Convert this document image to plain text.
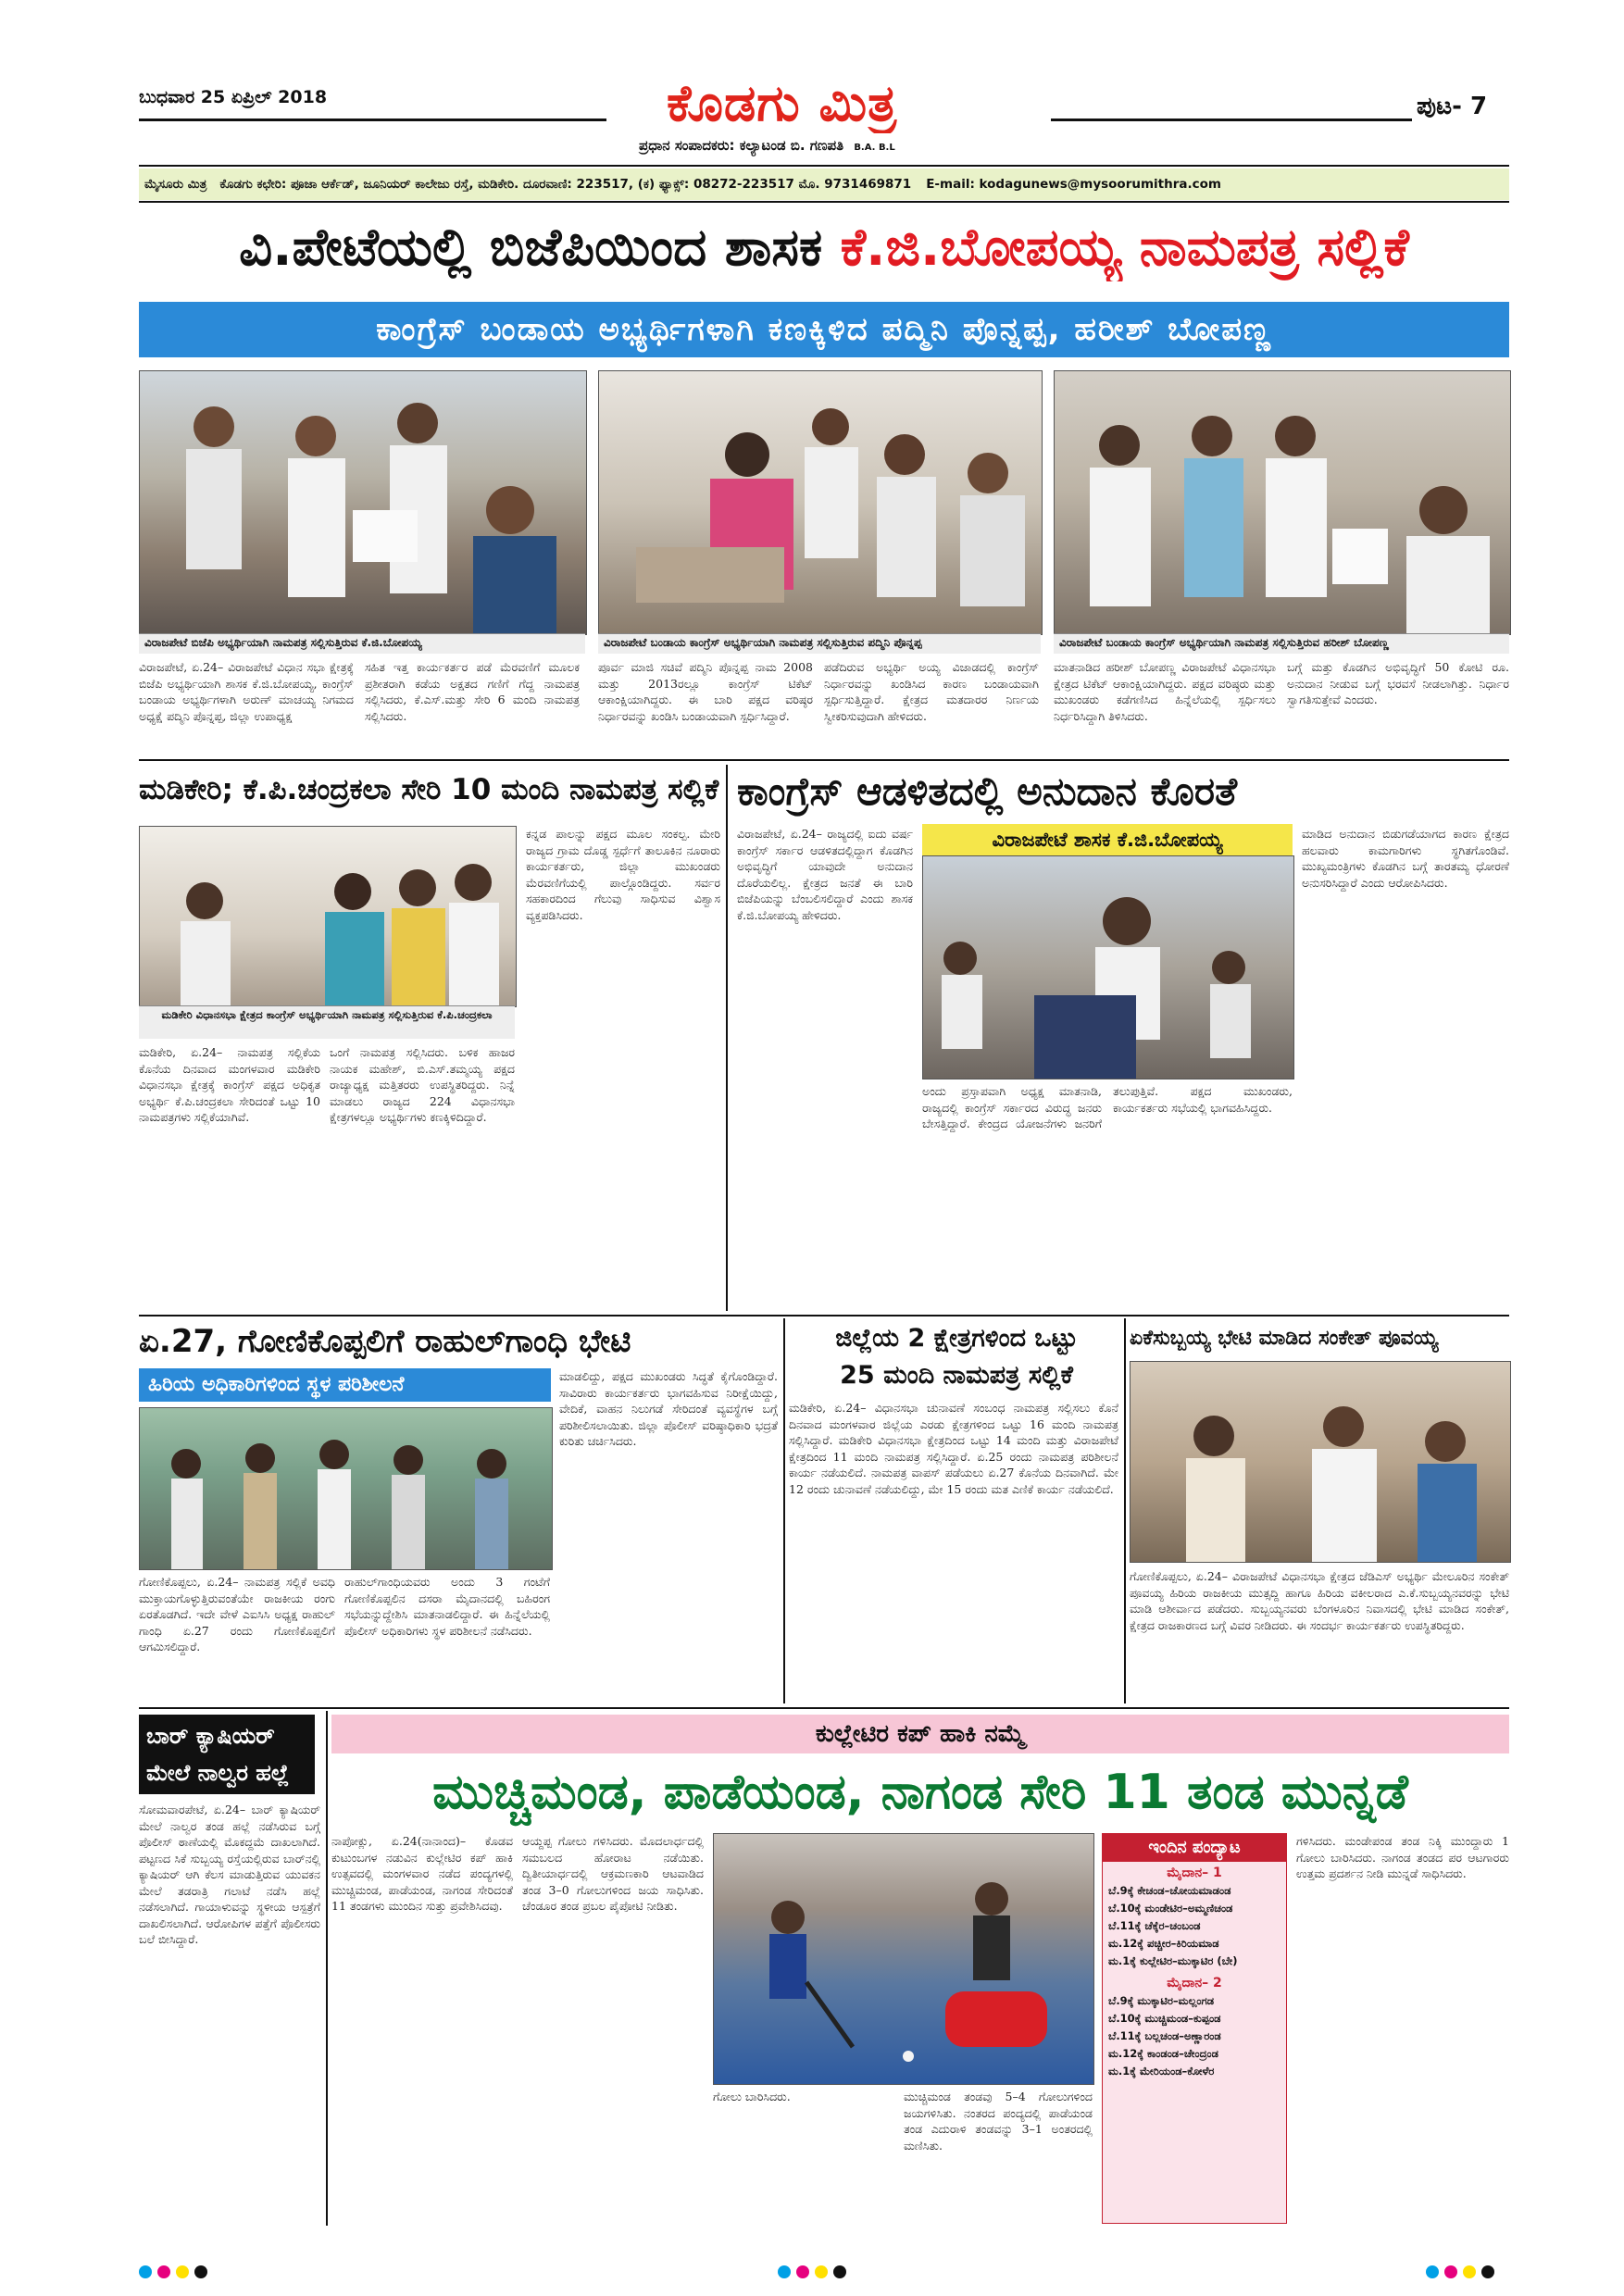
ಬುಧವಾರ 25 ಏಪ್ರಿಲ್ 2018	ಕೊಡಗು ಮಿತ್ರ	ಪುಟ- 7
ಪ್ರಧಾನ ಸಂಪಾದಕರು: ಕಲ್ಯಾಟಂಡ ಬಿ. ಗಣಪತಿ B.A. B.L
ಮೈಸೂರು ಮಿತ್ರ ಕೊಡಗು ಕಛೇರಿ: ಪೂಜಾ ಆರ್ಕೆಡ್, ಜೂನಿಯರ್ ಕಾಲೇಜು ರಸ್ತೆ, ಮಡಿಕೇರಿ. ದೂರವಾಣಿ: 223517, (ಕ) ಫ್ಯಾಕ್ಸ್: 08272-223517 ಮೊ. 9731469871 E-mail: kodagunews@mysoorumithra.com
ವಿ.ಪೇಟೆಯಲ್ಲಿ ಬಿಜೆಪಿಯಿಂದ ಶಾಸಕ ಕೆ.ಜಿ.ಬೋಪಯ್ಯ ನಾಮಪತ್ರ ಸಲ್ಲಿಕೆ
ಕಾಂಗ್ರೆಸ್ ಬಂಡಾಯ ಅಭ್ಯರ್ಥಿಗಳಾಗಿ ಕಣಕ್ಕಿಳಿದ ಪದ್ಮಿನಿ ಪೊನ್ನಪ್ಪ, ಹರೀಶ್ ಬೋಪಣ್ಣ
ವಿರಾಜಪೇಟೆ ಬಿಜೆಪಿ ಅಭ್ಯರ್ಥಿಯಾಗಿ ನಾಮಪತ್ರ ಸಲ್ಲಿಸುತ್ತಿರುವ ಕೆ.ಜಿ.ಬೋಪಯ್ಯ	ವಿರಾಜಪೇಟೆ ಬಂಡಾಯ ಕಾಂಗ್ರೆಸ್ ಅಭ್ಯರ್ಥಿಯಾಗಿ ನಾಮಪತ್ರ ಸಲ್ಲಿಸುತ್ತಿರುವ ಪದ್ಮಿನಿ ಪೊನ್ನಪ್ಪ	ವಿರಾಜಪೇಟೆ ಬಂಡಾಯ ಕಾಂಗ್ರೆಸ್ ಅಭ್ಯರ್ಥಿಯಾಗಿ ನಾಮಪತ್ರ ಸಲ್ಲಿಸುತ್ತಿರುವ ಹರೀಶ್ ಬೋಪಣ್ಣ
ವಿರಾಜಪೇಟೆ, ಏ.24– ವಿರಾಜಪೇಟೆ ವಿಧಾನ ಸಭಾ ಕ್ಷೇತ್ರಕ್ಕೆ ಬಿಜೆಪಿ ಅಭ್ಯರ್ಥಿಯಾಗಿ ಶಾಸಕ ಕೆ.ಜಿ.ಬೋಪಯ್ಯ, ಕಾಂಗ್ರೆಸ್ ಬಂಡಾಯ ಅಭ್ಯರ್ಥಿಗಳಾಗಿ ಅರುಣ್ ಮಾಚಯ್ಯ ನಿಗಮದ ಅಧ್ಯಕ್ಷೆ ಪದ್ಮಿನಿ ಪೊನ್ನಪ್ಪ, ಜಿಲ್ಲಾ ಉಪಾಧ್ಯಕ್ಷ
ಸಹಿತ ಇತ್ತ ಕಾರ್ಯಕರ್ತರ ಪಡೆ ಮೆರವಣಿಗೆ ಮೂಲಕ ಪ್ರಶೀತರಾಗಿ ಕಡೆಯ ಅಕ್ಷತದ ಗಣಿಗೆ ಗೆದ್ದ ನಾಮಪತ್ರ ಸಲ್ಲಿಸಿದರು, ಕೆ.ಎಸ್.ಮತ್ತು ಸೇರಿ 6 ಮಂದಿ ನಾಮಪತ್ರ ಸಲ್ಲಿಸಿದರು.
ಪೂರ್ವ ಮಾಜಿ ಸಚಿವೆ ಪದ್ಮಿನಿ ಪೊನ್ನಪ್ಪ ನಾಮ 2008 ಮತ್ತು 2013ರಲ್ಲೂ ಕಾಂಗ್ರೆಸ್ ಟಿಕೆಟ್ ಆಕಾಂಕ್ಷಿಯಾಗಿದ್ದರು. ಈ ಬಾರಿ ಪಕ್ಷದ ವರಿಷ್ಠರ ನಿರ್ಧಾರವನ್ನು ಖಂಡಿಸಿ ಬಂಡಾಯವಾಗಿ ಸ್ಪರ್ಧಿಸಿದ್ದಾರೆ.
ಪಡೆದಿರುವ ಅಭ್ಯರ್ಥಿ ಅಯ್ಯ ವಿಜಾಡದಲ್ಲಿ ಕಾಂಗ್ರೆಸ್ ನಿರ್ಧಾರವನ್ನು ಖಂಡಿಸಿದ ಕಾರಣ ಬಂಡಾಯವಾಗಿ ಸ್ಪರ್ಧಿಸುತ್ತಿದ್ದಾರೆ. ಕ್ಷೇತ್ರದ ಮತದಾರರ ನಿರ್ಣಯ ಸ್ವೀಕರಿಸುವುದಾಗಿ ಹೇಳಿದರು.
ಮಾತನಾಡಿದ ಹರೀಶ್ ಬೋಪಣ್ಣ ವಿರಾಜಪೇಟೆ ವಿಧಾನಸಭಾ ಕ್ಷೇತ್ರದ ಟಿಕೆಟ್ ಆಕಾಂಕ್ಷಿಯಾಗಿದ್ದರು. ಪಕ್ಷದ ವರಿಷ್ಠರು ಮತ್ತು ಮುಖಂಡರು ಕಡೆಗಣಿಸಿದ ಹಿನ್ನೆಲೆಯಲ್ಲಿ ಸ್ಪರ್ಧಿಸಲು ನಿರ್ಧರಿಸಿದ್ದಾಗಿ ತಿಳಿಸಿದರು.
ಬಗ್ಗೆ ಮತ್ತು ಕೊಡಗಿನ ಅಭಿವೃದ್ಧಿಗೆ 50 ಕೋಟಿ ರೂ. ಅನುದಾನ ನೀಡುವ ಬಗ್ಗೆ ಭರವಸೆ ನೀಡಲಾಗಿತ್ತು. ನಿರ್ಧಾರ ಸ್ವಾಗತಿಸುತ್ತೇವೆ ಎಂದರು.
ಮಡಿಕೇರಿ; ಕೆ.ಪಿ.ಚಂದ್ರಕಲಾ ಸೇರಿ 10 ಮಂದಿ ನಾಮಪತ್ರ ಸಲ್ಲಿಕೆ
ಮಡಿಕೇರಿ ವಿಧಾನಸಭಾ ಕ್ಷೇತ್ರದ ಕಾಂಗ್ರೆಸ್ ಅಭ್ಯರ್ಥಿಯಾಗಿ ನಾಮಪತ್ರ ಸಲ್ಲಿಸುತ್ತಿರುವ ಕೆ.ಪಿ.ಚಂದ್ರಕಲಾ
ಮಡಿಕೇರಿ, ಏ.24– ನಾಮಪತ್ರ ಸಲ್ಲಿಕೆಯ ಕೊನೆಯ ದಿನವಾದ ಮಂಗಳವಾರ ಮಡಿಕೇರಿ ವಿಧಾನಸಭಾ ಕ್ಷೇತ್ರಕ್ಕೆ ಕಾಂಗ್ರೆಸ್ ಪಕ್ಷದ ಅಧಿಕೃತ ಅಭ್ಯರ್ಥಿ ಕೆ.ಪಿ.ಚಂದ್ರಕಲಾ ಸೇರಿದಂತೆ ಒಟ್ಟು 10 ನಾಮಪತ್ರಗಳು ಸಲ್ಲಿಕೆಯಾಗಿವೆ.
ಒಂಗೆ ನಾಮಪತ್ರ ಸಲ್ಲಿಸಿದರು. ಬಳಿಕ ಹಾಜರ ನಾಯಕ ಮಹೇಶ್, ಬಿ.ಎಸ್.ತಮ್ಮಯ್ಯ ಪಕ್ಷದ ರಾಜ್ಯಾಧ್ಯಕ್ಷ ಮತ್ತಿತರರು ಉಪಸ್ಥಿತರಿದ್ದರು. ನಿನ್ನೆ ಮಾಡಲು ರಾಜ್ಯದ 224 ವಿಧಾನಸಭಾ ಕ್ಷೇತ್ರಗಳಲ್ಲೂ ಅಭ್ಯರ್ಥಿಗಳು ಕಣಕ್ಕಿಳಿದಿದ್ದಾರೆ.
ಕನ್ನಡ ಪಾಲನ್ನು ಪಕ್ಷದ ಮೂಲ ಸಂಕಲ್ಪ. ಮೇರಿ ರಾಜ್ಯದ ಗ್ರಾಮ ದೊಡ್ಡ ಸ್ಪರ್ಧೆಗೆ ತಾಲೂಕಿನ ನೂರಾರು ಕಾರ್ಯಕರ್ತರು, ಜಿಲ್ಲಾ ಮುಖಂಡರು ಮೆರವಣಿಗೆಯಲ್ಲಿ ಪಾಲ್ಗೊಂಡಿದ್ದರು. ಸರ್ವರ ಸಹಕಾರದಿಂದ ಗೆಲುವು ಸಾಧಿಸುವ ವಿಶ್ವಾಸ ವ್ಯಕ್ತಪಡಿಸಿದರು.
ಕಾಂಗ್ರೆಸ್ ಆಡಳಿತದಲ್ಲಿ ಅನುದಾನ ಕೊರತೆ
ವಿರಾಜಪೇಟೆ, ಏ.24– ರಾಜ್ಯದಲ್ಲಿ ಐದು ವರ್ಷ ಕಾಂಗ್ರೆಸ್ ಸರ್ಕಾರ ಆಡಳಿತದಲ್ಲಿದ್ದಾಗ ಕೊಡಗಿನ ಅಭಿವೃದ್ಧಿಗೆ ಯಾವುದೇ ಅನುದಾನ ದೊರೆಯಲಿಲ್ಲ. ಕ್ಷೇತ್ರದ ಜನತೆ ಈ ಬಾರಿ ಬಿಜೆಪಿಯನ್ನು ಬೆಂಬಲಿಸಲಿದ್ದಾರೆ ಎಂದು ಶಾಸಕ ಕೆ.ಜಿ.ಬೋಪಯ್ಯ ಹೇಳಿದರು.
ವಿರಾಜಪೇಟೆ ಶಾಸಕ ಕೆ.ಜಿ.ಬೋಪಯ್ಯ
ಅಂದು ಪ್ರಸ್ತಾಪವಾಗಿ ಅಧ್ಯಕ್ಷ ಮಾತನಾಡಿ, ರಾಜ್ಯದಲ್ಲಿ ಕಾಂಗ್ರೆಸ್ ಸರ್ಕಾರದ ವಿರುದ್ಧ ಜನರು ಬೇಸತ್ತಿದ್ದಾರೆ. ಕೇಂದ್ರದ ಯೋಜನೆಗಳು ಜನರಿಗೆ ತಲುಪುತ್ತಿವೆ. ಪಕ್ಷದ ಮುಖಂಡರು, ಕಾರ್ಯಕರ್ತರು ಸಭೆಯಲ್ಲಿ ಭಾಗವಹಿಸಿದ್ದರು.
ಮಾಡಿದ ಅನುದಾನ ಬಿಡುಗಡೆಯಾಗದ ಕಾರಣ ಕ್ಷೇತ್ರದ ಹಲವಾರು ಕಾಮಗಾರಿಗಳು ಸ್ಥಗಿತಗೊಂಡಿವೆ. ಮುಖ್ಯಮಂತ್ರಿಗಳು ಕೊಡಗಿನ ಬಗ್ಗೆ ತಾರತಮ್ಯ ಧೋರಣೆ ಅನುಸರಿಸಿದ್ದಾರೆ ಎಂದು ಆರೋಪಿಸಿದರು.
ಏ.27, ಗೋಣಿಕೊಪ್ಪಲಿಗೆ ರಾಹುಲ್‌ಗಾಂಧಿ ಭೇಟಿ
ಹಿರಿಯ ಅಧಿಕಾರಿಗಳಿಂದ ಸ್ಥಳ ಪರಿಶೀಲನೆ
ಗೋಣಿಕೊಪ್ಪಲು, ಏ.24– ನಾಮಪತ್ರ ಸಲ್ಲಿಕೆ ಅವಧಿ ಮುಕ್ತಾಯಗೊಳ್ಳುತ್ತಿರುವಂತೆಯೇ ರಾಜಕೀಯ ರಂಗು ಏರತೊಡಗಿದೆ. ಇದೇ ವೇಳೆ ಎಐಸಿಸಿ ಅಧ್ಯಕ್ಷ ರಾಹುಲ್ ಗಾಂಧಿ ಏ.27 ರಂದು ಗೋಣಿಕೊಪ್ಪಲಿಗೆ ಆಗಮಿಸಲಿದ್ದಾರೆ.
ರಾಹುಲ್‌ಗಾಂಧಿಯವರು ಅಂದು 3 ಗಂಟೆಗೆ ಗೋಣಿಕೊಪ್ಪಲಿನ ದಸರಾ ಮೈದಾನದಲ್ಲಿ ಬಹಿರಂಗ ಸಭೆಯನ್ನುದ್ದೇಶಿಸಿ ಮಾತನಾಡಲಿದ್ದಾರೆ. ಈ ಹಿನ್ನೆಲೆಯಲ್ಲಿ ಪೊಲೀಸ್ ಅಧಿಕಾರಿಗಳು ಸ್ಥಳ ಪರಿಶೀಲನೆ ನಡೆಸಿದರು.
ಮಾಡಲಿದ್ದು, ಪಕ್ಷದ ಮುಖಂಡರು ಸಿದ್ಧತೆ ಕೈಗೊಂಡಿದ್ದಾರೆ. ಸಾವಿರಾರು ಕಾರ್ಯಕರ್ತರು ಭಾಗವಹಿಸುವ ನಿರೀಕ್ಷೆಯಿದ್ದು, ವೇದಿಕೆ, ವಾಹನ ನಿಲುಗಡೆ ಸೇರಿದಂತೆ ವ್ಯವಸ್ಥೆಗಳ ಬಗ್ಗೆ ಪರಿಶೀಲಿಸಲಾಯಿತು. ಜಿಲ್ಲಾ ಪೊಲೀಸ್ ವರಿಷ್ಠಾಧಿಕಾರಿ ಭದ್ರತೆ ಕುರಿತು ಚರ್ಚಿಸಿದರು.
ಜಿಲ್ಲೆಯ 2 ಕ್ಷೇತ್ರಗಳಿಂದ ಒಟ್ಟು
25 ಮಂದಿ ನಾಮಪತ್ರ ಸಲ್ಲಿಕೆ
ಮಡಿಕೇರಿ, ಏ.24– ವಿಧಾನಸಭಾ ಚುನಾವಣೆ ಸಂಬಂಧ ನಾಮಪತ್ರ ಸಲ್ಲಿಸಲು ಕೊನೆ ದಿನವಾದ ಮಂಗಳವಾರ ಜಿಲ್ಲೆಯ ಎರಡು ಕ್ಷೇತ್ರಗಳಿಂದ ಒಟ್ಟು 16 ಮಂದಿ ನಾಮಪತ್ರ ಸಲ್ಲಿಸಿದ್ದಾರೆ. ಮಡಿಕೇರಿ ವಿಧಾನಸಭಾ ಕ್ಷೇತ್ರದಿಂದ ಒಟ್ಟು 14 ಮಂದಿ ಮತ್ತು ವಿರಾಜಪೇಟೆ ಕ್ಷೇತ್ರದಿಂದ 11 ಮಂದಿ ನಾಮಪತ್ರ ಸಲ್ಲಿಸಿದ್ದಾರೆ. ಏ.25 ರಂದು ನಾಮಪತ್ರ ಪರಿಶೀಲನೆ ಕಾರ್ಯ ನಡೆಯಲಿದೆ. ನಾಮಪತ್ರ ವಾಪಸ್ ಪಡೆಯಲು ಏ.27 ಕೊನೆಯ ದಿನವಾಗಿದೆ. ಮೇ 12 ರಂದು ಚುನಾವಣೆ ನಡೆಯಲಿದ್ದು, ಮೇ 15 ರಂದು ಮತ ಎಣಿಕೆ ಕಾರ್ಯ ನಡೆಯಲಿದೆ.
ಏಕೆಸುಬ್ಬಯ್ಯ ಭೇಟಿ ಮಾಡಿದ ಸಂಕೇತ್ ಪೂವಯ್ಯ
ಗೋಣಿಕೊಪ್ಪಲು, ಏ.24– ವಿರಾಜಪೇಟೆ ವಿಧಾನಸಭಾ ಕ್ಷೇತ್ರದ ಜೆಡಿಎಸ್ ಅಭ್ಯರ್ಥಿ ಮೇಲೂರಿನ ಸಂಕೇತ್ ಪೂವಯ್ಯ ಹಿರಿಯ ರಾಜಕೀಯ ಮುತ್ಸದ್ದಿ ಹಾಗೂ ಹಿರಿಯ ವಕೀಲರಾದ ಎ.ಕೆ.ಸುಬ್ಬಯ್ಯನವರನ್ನು ಭೇಟಿ ಮಾಡಿ ಆಶೀರ್ವಾದ ಪಡೆದರು. ಸುಬ್ಬಯ್ಯನವರು ಬೆಂಗಳೂರಿನ ನಿವಾಸದಲ್ಲಿ ಭೇಟಿ ಮಾಡಿದ ಸಂಕೇತ್, ಕ್ಷೇತ್ರದ ರಾಜಕಾರಣದ ಬಗ್ಗೆ ವಿವರ ನೀಡಿದರು. ಈ ಸಂದರ್ಭ ಕಾರ್ಯಕರ್ತರು ಉಪಸ್ಥಿತರಿದ್ದರು.
ಬಾರ್ ಕ್ಯಾಷಿಯರ್ ಮೇಲೆ ನಾಲ್ವರ ಹಲ್ಲೆ
ಸೋಮವಾರಪೇಟೆ, ಏ.24– ಬಾರ್ ಕ್ಯಾಷಿಯರ್ ಮೇಲೆ ನಾಲ್ವರ ತಂಡ ಹಲ್ಲೆ ನಡೆಸಿರುವ ಬಗ್ಗೆ ಪೊಲೀಸ್ ಠಾಣೆಯಲ್ಲಿ ಮೊಕದ್ದಮೆ ದಾಖಲಾಗಿದೆ. ಪಟ್ಟಣದ ಸಿಕೆ ಸುಬ್ಬಯ್ಯ ರಸ್ತೆಯಲ್ಲಿರುವ ಬಾರ್‌ನಲ್ಲಿ ಕ್ಯಾಷಿಯರ್ ಆಗಿ ಕೆಲಸ ಮಾಡುತ್ತಿರುವ ಯುವಕನ ಮೇಲೆ ತಡರಾತ್ರಿ ಗಲಾಟೆ ನಡೆಸಿ ಹಲ್ಲೆ ನಡೆಸಲಾಗಿದೆ. ಗಾಯಾಳುವನ್ನು ಸ್ಥಳೀಯ ಆಸ್ಪತ್ರೆಗೆ ದಾಖಲಿಸಲಾಗಿದೆ. ಆರೋಪಿಗಳ ಪತ್ತೆಗೆ ಪೊಲೀಸರು ಬಲೆ ಬೀಸಿದ್ದಾರೆ.
ಕುಲ್ಲೇಟಿರ ಕಪ್ ಹಾಕಿ ನಮ್ಮೆ
ಮುಚ್ಚಿಮಂಡ, ಪಾಡೆಯಂಡ, ನಾಗಂಡ ಸೇರಿ 11 ತಂಡ ಮುನ್ನಡೆ
ನಾಪೋಕ್ಲು, ಏ.24(ನಾನಾಂದ)– ಕೊಡವ ಕುಟುಂಬಗಳ ನಡುವಿನ ಕುಲ್ಲೇಟಿರ ಕಪ್ ಹಾಕಿ ಉತ್ಸವದಲ್ಲಿ ಮಂಗಳವಾರ ನಡೆದ ಪಂದ್ಯಗಳಲ್ಲಿ ಮುಚ್ಚಿಮಂಡ, ಪಾಡೆಯಂಡ, ನಾಗಂಡ ಸೇರಿದಂತೆ 11 ತಂಡಗಳು ಮುಂದಿನ ಸುತ್ತು ಪ್ರವೇಶಿಸಿದವು.
ಆಯ್ದಪ್ಪ ಗೋಲು ಗಳಿಸಿದರು. ಮೊದಲಾರ್ಧದಲ್ಲಿ ಸಮಬಲದ ಹೋರಾಟ ನಡೆಯಿತು. ದ್ವಿತೀಯಾರ್ಧದಲ್ಲಿ ಆಕ್ರಮಣಕಾರಿ ಆಟವಾಡಿದ ತಂಡ 3–0 ಗೋಲುಗಳಿಂದ ಜಯ ಸಾಧಿಸಿತು. ಚೆಂಡೂರ ತಂಡ ಪ್ರಬಲ ಪೈಪೋಟಿ ನೀಡಿತು.
ಗೋಲು ಬಾರಿಸಿದರು.	ಮುಚ್ಚಿಮಂಡ ತಂಡವು 5–4 ಗೋಲುಗಳಿಂದ ಜಯಗಳಿಸಿತು. ನಂತರದ ಪಂದ್ಯದಲ್ಲಿ ಪಾಡೆಯಂಡ ತಂಡ ಎದುರಾಳಿ ತಂಡವನ್ನು 3–1 ಅಂತರದಲ್ಲಿ ಮಣಿಸಿತು.
ಇಂದಿನ ಪಂದ್ಯಾಟ
ಮೈದಾನ– 1
ಬೆ.9ಕ್ಕೆ ಕೇಚಂಡ–ಚೋಯಮಾಡಂಡ
ಬೆ.10ಕ್ಕೆ ಮಂಡೇಟಿರ–ಅಮ್ಮಣಿಚಂಡ
ಬೆ.11ಕ್ಕೆ ಚೆಕ್ಕೆರ–ಚಂಬಂಡ
ಮ.12ಕ್ಕೆ ಪಚ್ಚೀರ–ಕಿರಿಯಮಾಡ
ಮ.1ಕ್ಕೆ ಕುಲ್ಲೇಟಿರ–ಮುಕ್ಕಾಟಿರ (ಬೇ)
ಮೈದಾನ– 2
ಬೆ.9ಕ್ಕೆ ಮುಕ್ಕಾಟಿರ–ಮಲ್ಲಂಗಡ
ಬೆ.10ಕ್ಕೆ ಮುಚ್ಚಿಮಂಡ–ಕುಪ್ಪಂಡ
ಬೆ.11ಕ್ಕೆ ಬಲ್ಲಚಂಡ–ಅಣ್ಣಾರಂಡ
ಮ.12ಕ್ಕೆ ಕಾಂಡಂಡ–ಚೇಂದ್ರಂಡ
ಮ.1ಕ್ಕೆ ಮೇರಿಯಂಡ–ಕೋಳೆರ
ಗಳಿಸಿದರು. ಮಂಡೇಪಂಡ ತಂಡ ನಿಕ್ಕಿ ಮುಂದ್ದಾರು 1 ಗೋಲು ಬಾರಿಸಿದರು. ನಾಗಂಡ ತಂಡದ ಪರ ಆಟಗಾರರು ಉತ್ತಮ ಪ್ರದರ್ಶನ ನೀಡಿ ಮುನ್ನಡೆ ಸಾಧಿಸಿದರು.
